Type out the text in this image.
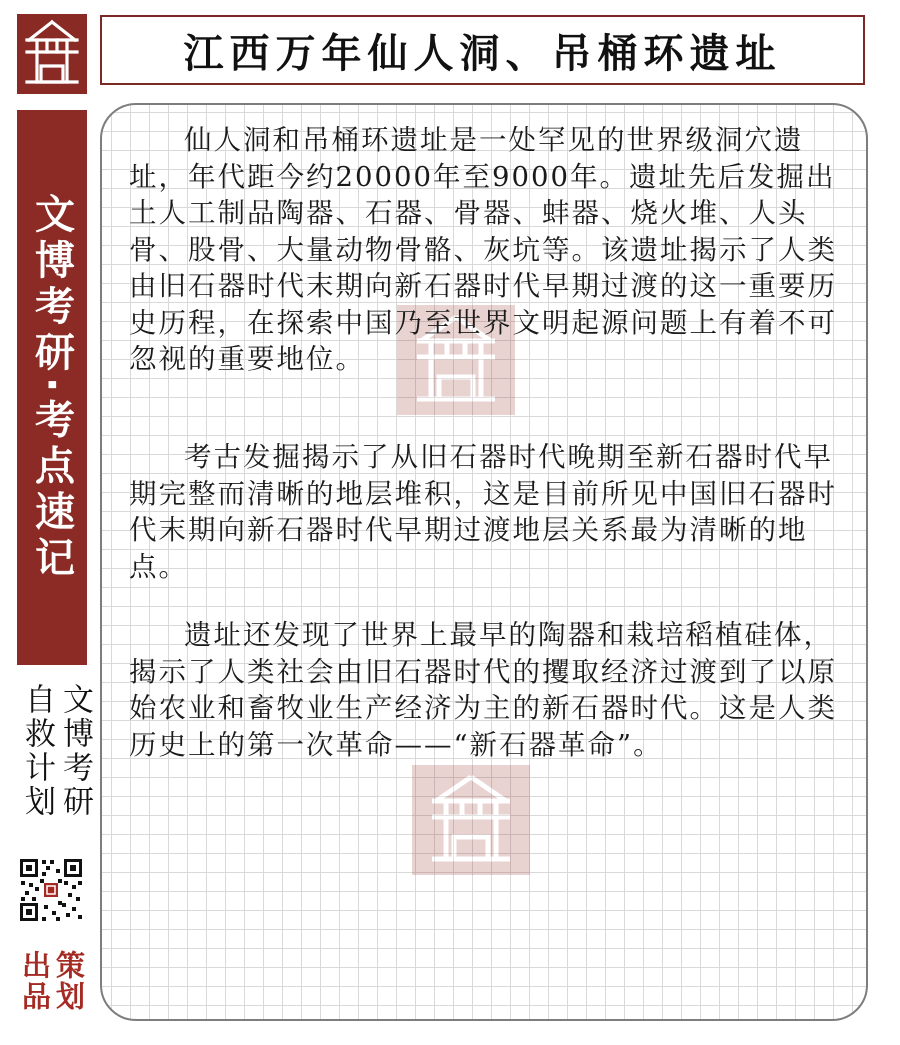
江西万年仙人洞、吊桶环遗址
文博考研·考点速记
文博考研
自救计划
策划
出品

仙人洞和吊桶环遗址是一处罕见的世界级洞穴遗址，年代距今约20000年至9000年。遗址先后发掘出土人工制品陶器、石器、骨器、蚌器、烧火堆、人头骨、股骨、大量动物骨骼、灰坑等。该遗址揭示了人类由旧石器时代末期向新石器时代早期过渡的这一重要历史历程，在探索中国乃至世界文明起源问题上有着不可忽视的重要地位。

考古发掘揭示了从旧石器时代晚期至新石器时代早期完整而清晰的地层堆积，这是目前所见中国旧石器时代末期向新石器时代早期过渡地层关系最为清晰的地点。

遗址还发现了世界上最早的陶器和栽培稻植硅体，揭示了人类社会由旧石器时代的攫取经济过渡到了以原始农业和畜牧业生产经济为主的新石器时代。这是人类历史上的第一次革命——“新石器革命”。
